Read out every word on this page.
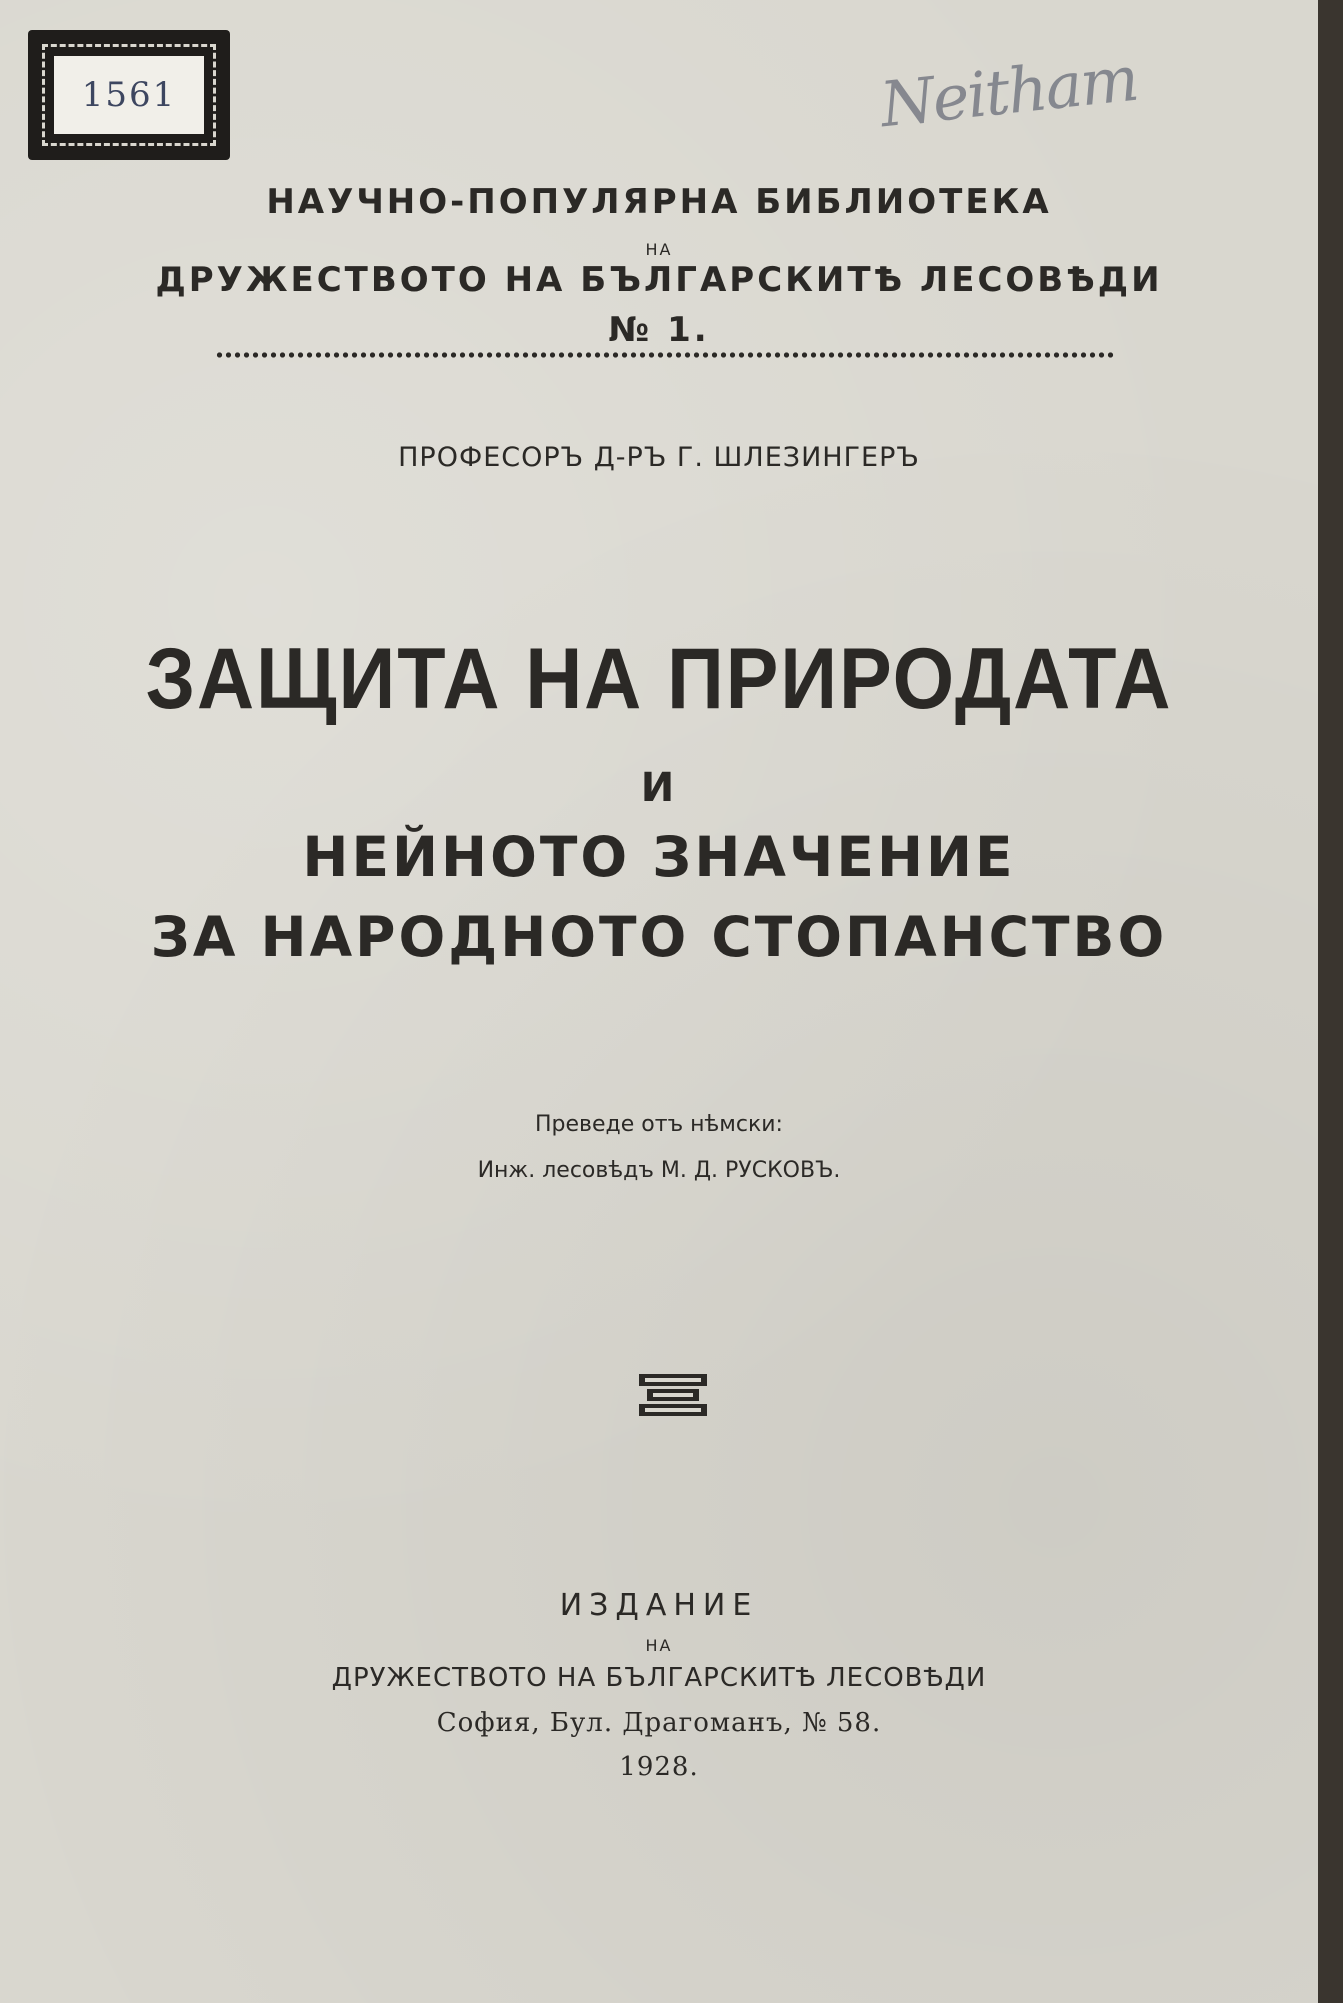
1561	Neitham
НАУЧНО-ПОПУЛЯРНА БИБЛИОТЕКА
НА
ДРУЖЕСТВОТО НА БЪЛГАРСКИТѢ ЛЕСОВѢДИ
№ 1.
ПРОФЕСОРЪ Д-РЪ Г. ШЛЕЗИНГЕРЪ
ЗАЩИТА НА ПРИРОДАТА
И
НЕЙНОТО ЗНАЧЕНИЕ
ЗА НАРОДНОТО СТОПАНСТВО
Преведе отъ нѣмски:
Инж. лесовѣдъ М. Д. РУСКОВЪ.
ИЗДАНИЕ
НА
ДРУЖЕСТВОТО НА БЪЛГАРСКИТѢ ЛЕСОВѢДИ
София, Бул. Драгоманъ, № 58.
1928.
